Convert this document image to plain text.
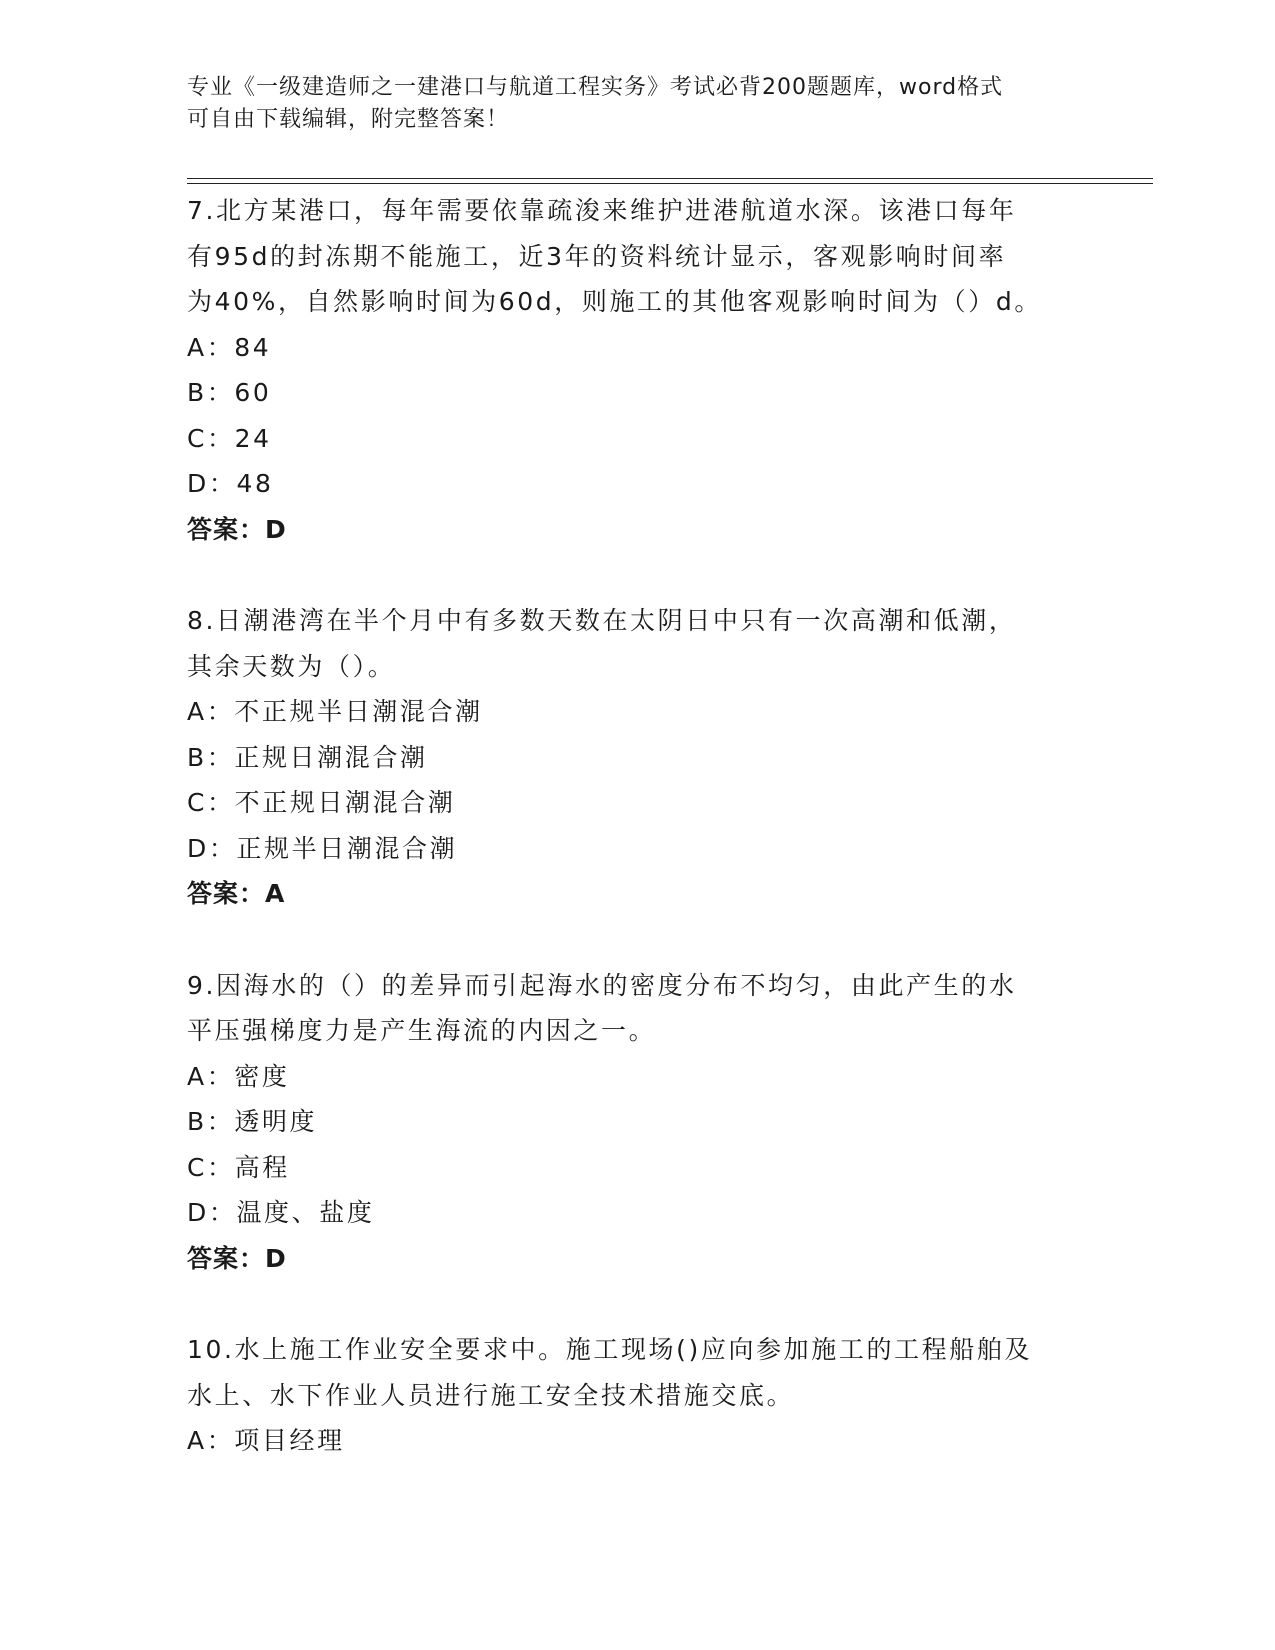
专业《一级建造师之一建港口与航道工程实务》考试必背200题题库，word格式
可自由下载编辑，附完整答案！
7.北方某港口，每年需要依靠疏浚来维护进港航道水深。该港口每年
有95d的封冻期不能施工，近3年的资料统计显示，客观影响时间率
为40%，自然影响时间为60d，则施工的其他客观影响时间为（）d。
A：84
B：60
C：24
D：48
答案：D
8.日潮港湾在半个月中有多数天数在太阴日中只有一次高潮和低潮，
其余天数为（）。
A：不正规半日潮混合潮
B：正规日潮混合潮
C：不正规日潮混合潮
D：正规半日潮混合潮
答案：A
9.因海水的（）的差异而引起海水的密度分布不均匀，由此产生的水
平压强梯度力是产生海流的内因之一。
A：密度
B：透明度
C：高程
D：温度、盐度
答案：D
10.水上施工作业安全要求中。施工现场()应向参加施工的工程船舶及
水上、水下作业人员进行施工安全技术措施交底。
A：项目经理
